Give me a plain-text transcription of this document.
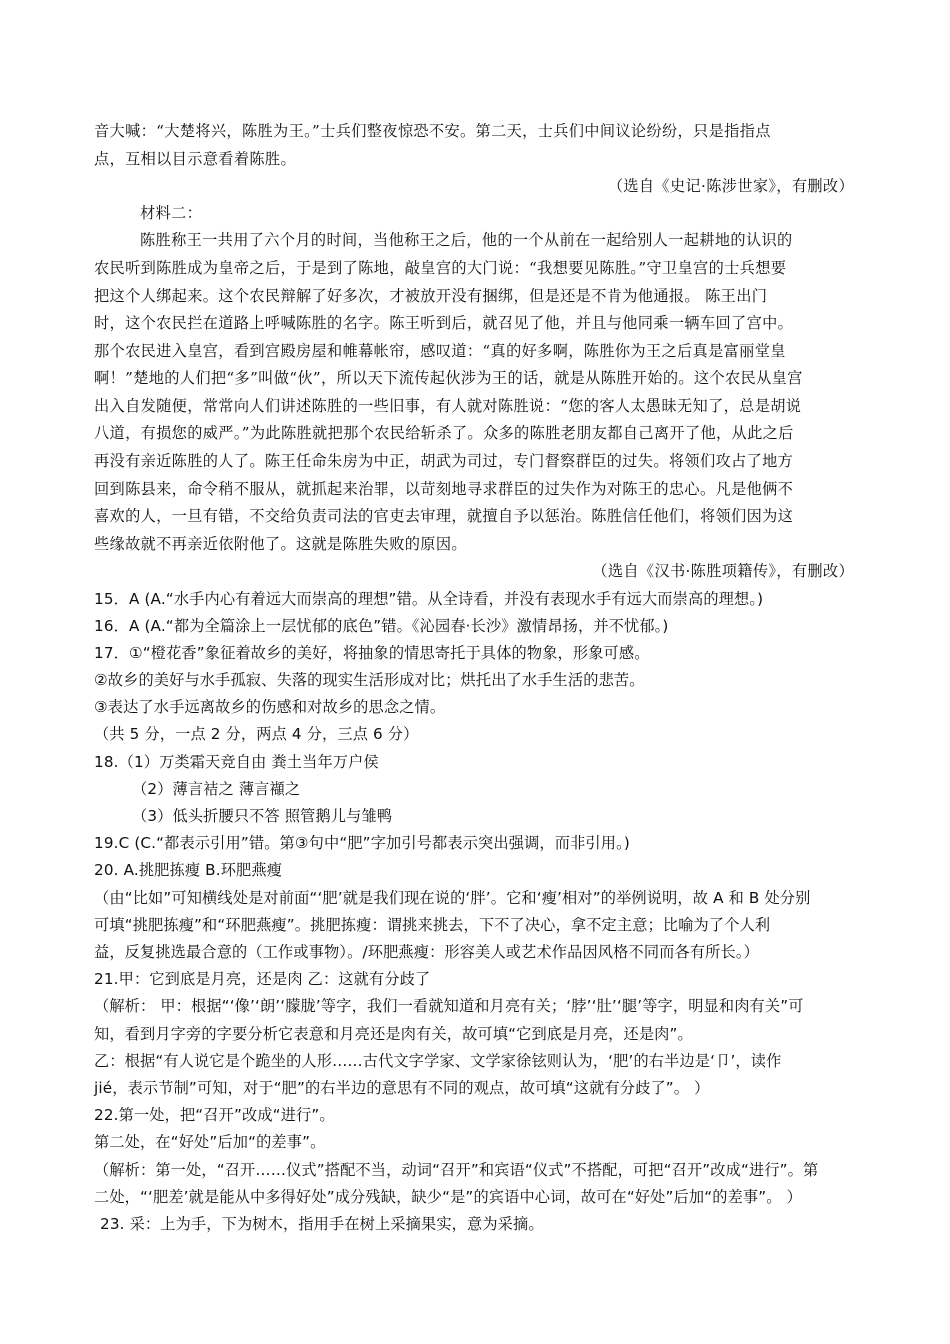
音大喊：“大楚将兴，陈胜为王。”士兵们整夜惊恐不安。第二天，士兵们中间议论纷纷，只是指指点
点，互相以目示意看着陈胜。
（选自《史记·陈涉世家》，有删改）
材料二：
陈胜称王一共用了六个月的时间，当他称王之后，他的一个从前在一起给别人一起耕地的认识的
农民听到陈胜成为皇帝之后，于是到了陈地，敲皇宫的大门说：“我想要见陈胜。”守卫皇宫的士兵想要
把这个人绑起来。这个农民辩解了好多次，才被放开没有捆绑，但是还是不肯为他通报。 陈王出门
时，这个农民拦在道路上呼喊陈胜的名字。陈王听到后，就召见了他，并且与他同乘一辆车回了宫中。
那个农民进入皇宫，看到宫殿房屋和帷幕帐帘，感叹道：“真的好多啊，陈胜你为王之后真是富丽堂皇
啊！”楚地的人们把“多”叫做“伙”，所以天下流传起伙涉为王的话，就是从陈胜开始的。这个农民从皇宫
出入自发随便，常常向人们讲述陈胜的一些旧事，有人就对陈胜说：“您的客人太愚昧无知了，总是胡说
八道，有损您的威严。”为此陈胜就把那个农民给斩杀了。众多的陈胜老朋友都自己离开了他，从此之后
再没有亲近陈胜的人了。陈王任命朱房为中正，胡武为司过，专门督察群臣的过失。将领们攻占了地方
回到陈县来，命令稍不服从，就抓起来治罪，以苛刻地寻求群臣的过失作为对陈王的忠心。凡是他俩不
喜欢的人，一旦有错，不交给负责司法的官吏去审理，就擅自予以惩治。陈胜信任他们，将领们因为这
些缘故就不再亲近依附他了。这就是陈胜失败的原因。
（选自《汉书·陈胜项籍传》，有删改）
15．A (A.“水手内心有着远大而崇高的理想”错。从全诗看，并没有表现水手有远大而崇高的理想。)
16．A (A.“都为全篇涂上一层忧郁的底色”错。《沁园春·长沙》激情昂扬，并不忧郁。)
17．①“橙花香”象征着故乡的美好，将抽象的情思寄托于具体的物象，形象可感。
②故乡的美好与水手孤寂、失落的现实生活形成对比；烘托出了水手生活的悲苦。
③表达了水手远离故乡的伤感和对故乡的思念之情。
（共 5 分，一点 2 分，两点 4 分，三点 6 分）
18.（1）万类霜天竞自由 粪土当年万户侯
（2）薄言袺之 薄言襭之
（3）低头折腰只不答 照管鹅儿与雏鸭
19.C (C.“都表示引用”错。第③句中“肥”字加引号都表示突出强调，而非引用。)
20. A.挑肥拣瘦 B.环肥燕瘦
（由“比如”可知横线处是对前面“‘肥’就是我们现在说的‘胖’。它和‘瘦’相对”的举例说明，故 A 和 B 处分别
可填“挑肥拣瘦”和“环肥燕瘦”。挑肥拣瘦：谓挑来挑去，下不了决心，拿不定主意；比喻为了个人利
益，反复挑选最合意的（工作或事物）。/环肥燕瘦：形容美人或艺术作品因风格不同而各有所长。）
21.甲：它到底是月亮，还是肉 乙：这就有分歧了
（解析： 甲：根据“‘像’‘朗’‘朦胧’等字，我们一看就知道和月亮有关；‘脖’‘肚’‘腿’等字，明显和肉有关”可
知，看到月字旁的字要分析它表意和月亮还是肉有关，故可填“它到底是月亮，还是肉”。
乙：根据“有人说它是个跪坐的人形……古代文字学家、文学家徐铉则认为，‘肥’的右半边是‘卩’，读作
jié，表示节制”可知，对于“肥”的右半边的意思有不同的观点，故可填“这就有分歧了”。 ）
22.第一处，把“召开”改成“进行”。
第二处，在“好处”后加“的差事”。
（解析：第一处，“召开……仪式”搭配不当，动词“召开”和宾语“仪式”不搭配，可把“召开”改成“进行”。第
二处，“‘肥差’就是能从中多得好处”成分残缺，缺少“是”的宾语中心词，故可在“好处”后加“的差事”。 ）
23. 采：上为手，下为树木，指用手在树上采摘果实，意为采摘。
